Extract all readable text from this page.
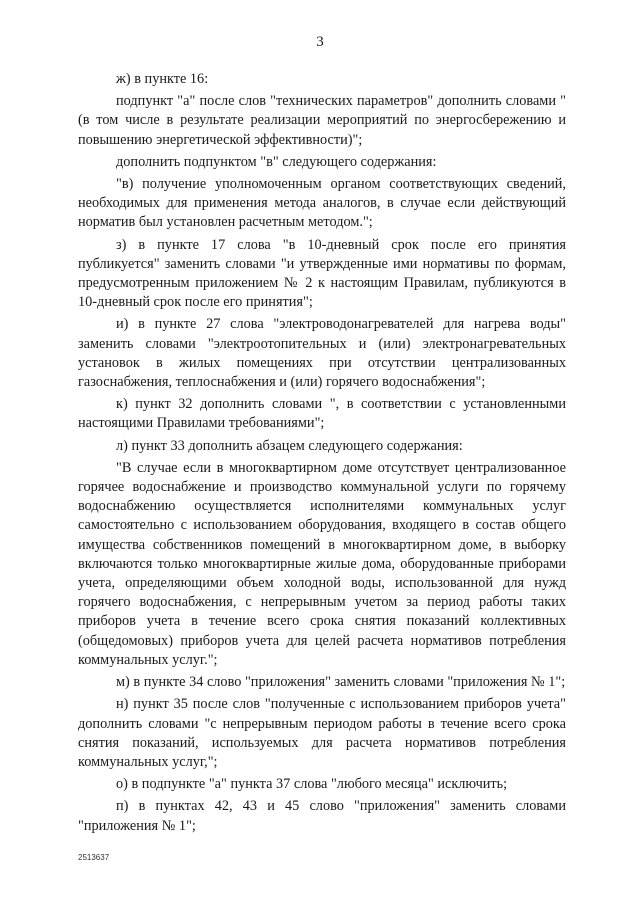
3

ж) в пункте 16:

подпункт "а" после слов "технических параметров" дополнить словами "(в том числе в результате реализации мероприятий по энергосбережению и повышению энергетической эффективности)";

дополнить подпунктом "в" следующего содержания:

"в) получение уполномоченным органом соответствующих сведений, необходимых для применения метода аналогов, в случае если действующий норматив был установлен расчетным методом.";

з) в пункте 17 слова "в 10-дневный срок после его принятия публикуется" заменить словами "и утвержденные ими нормативы по формам, предусмотренным приложением № 2 к настоящим Правилам, публикуются в 10-дневный срок после его принятия";

и) в пункте 27 слова "электроводонагревателей для нагрева воды" заменить словами "электроотопительных и (или) электронагревательных установок в жилых помещениях при отсутствии централизованных газоснабжения, теплоснабжения и (или) горячего водоснабжения";

к) пункт 32 дополнить словами ", в соответствии с установленными настоящими Правилами требованиями";

л) пункт 33 дополнить абзацем следующего содержания:

"В случае если в многоквартирном доме отсутствует централизованное горячее водоснабжение и производство коммунальной услуги по горячему водоснабжению осуществляется исполнителями коммунальных услуг самостоятельно с использованием оборудования, входящего в состав общего имущества собственников помещений в многоквартирном доме, в выборку включаются только многоквартирные жилые дома, оборудованные приборами учета, определяющими объем холодной воды, использованной для нужд горячего водоснабжения, с непрерывным учетом за период работы таких приборов учета в течение всего срока снятия показаний коллективных (общедомовых) приборов учета для целей расчета нормативов потребления коммунальных услуг.";

м) в пункте 34 слово "приложения" заменить словами "приложения № 1";

н) пункт 35 после слов "полученные с использованием приборов учета" дополнить словами "с непрерывным периодом работы в течение всего срока снятия показаний, используемых для расчета нормативов потребления коммунальных услуг,";

о) в подпункте "а" пункта 37 слова "любого месяца" исключить;

п) в пунктах 42, 43 и 45 слово "приложения" заменить словами "приложения № 1";

2513637
